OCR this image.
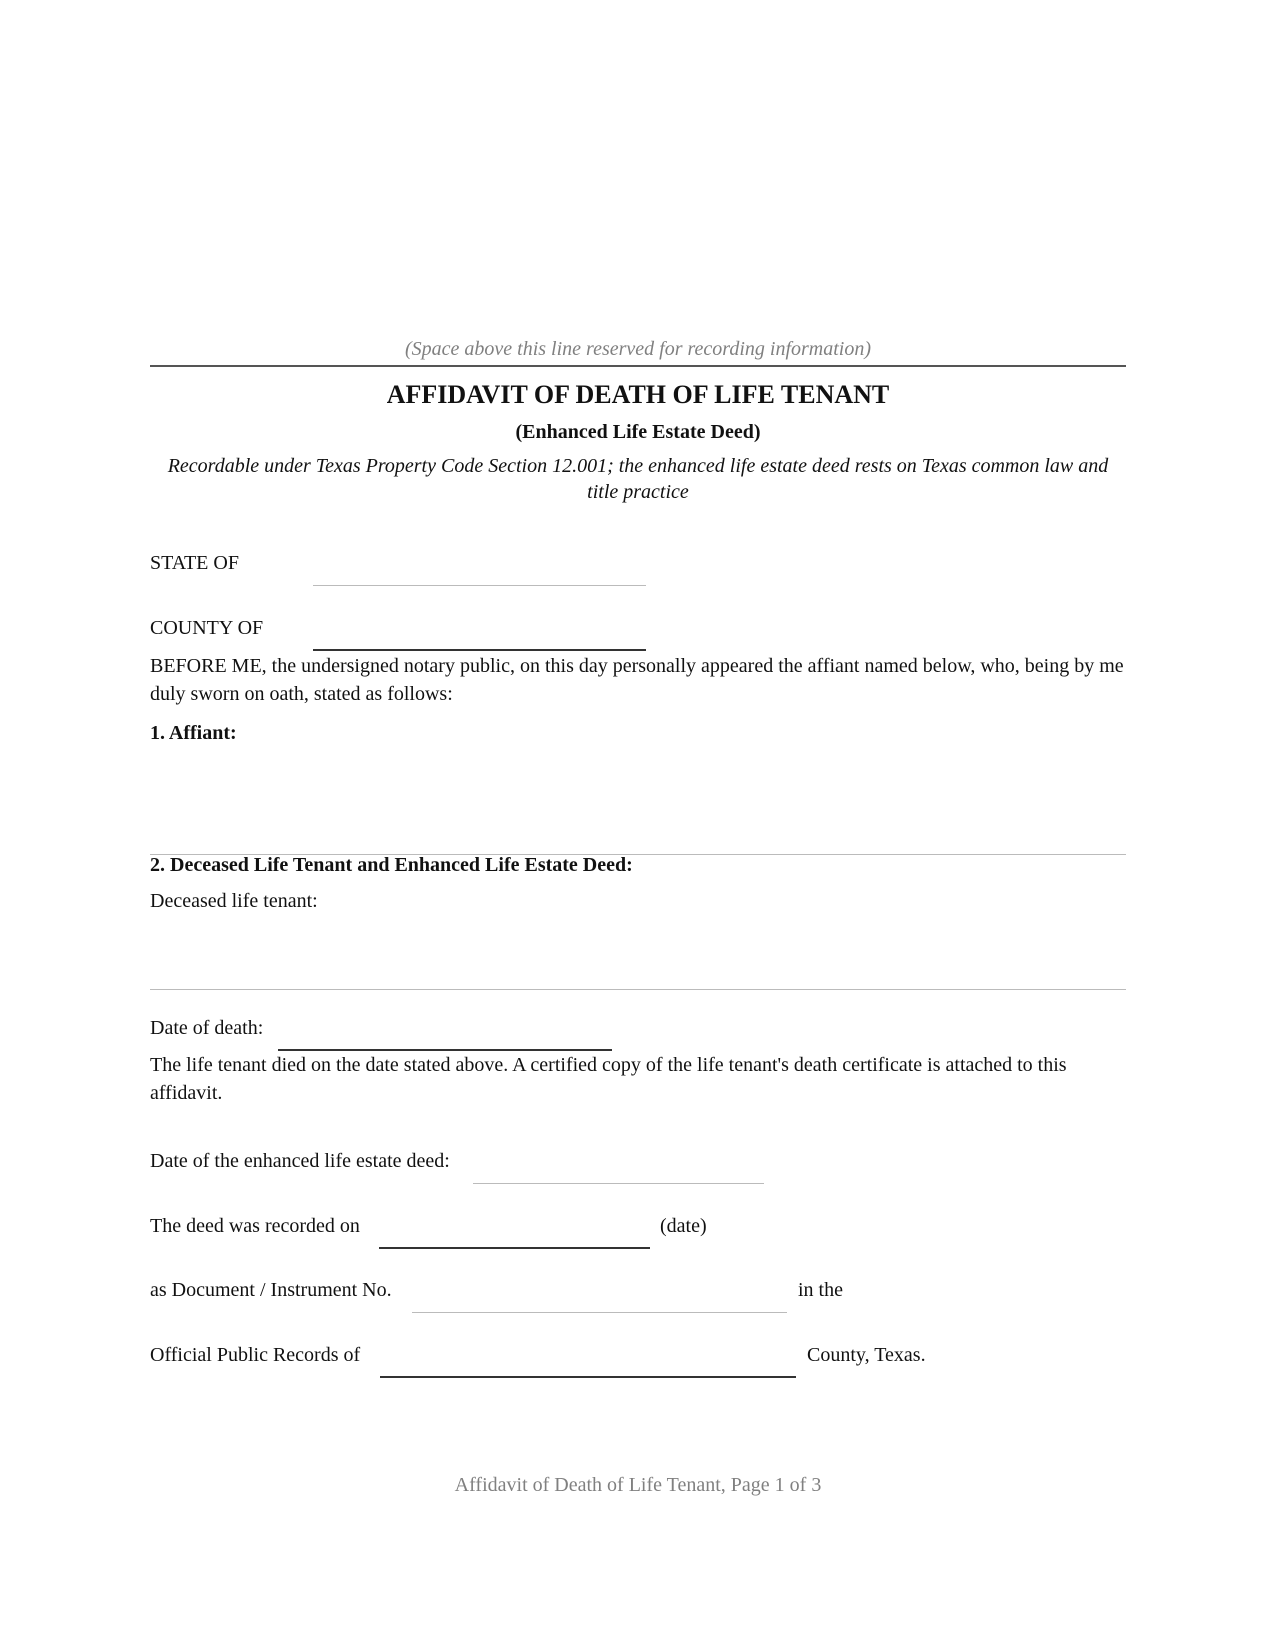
(Space above this line reserved for recording information)
AFFIDAVIT OF DEATH OF LIFE TENANT
(Enhanced Life Estate Deed)
Recordable under Texas Property Code Section 12.001; the enhanced life estate deed rests on Texas common law and title practice
STATE OF
COUNTY OF
BEFORE ME, the undersigned notary public, on this day personally appeared the affiant named below, who, being by me duly sworn on oath, stated as follows:
1. Affiant:
2. Deceased Life Tenant and Enhanced Life Estate Deed:
Deceased life tenant:
Date of death:
The life tenant died on the date stated above. A certified copy of the life tenant's death certificate is attached to this affidavit.
Date of the enhanced life estate deed:
The deed was recorded on	(date)
as Document / Instrument No.	in the
Official Public Records of	County, Texas.
Affidavit of Death of Life Tenant, Page 1 of 3
